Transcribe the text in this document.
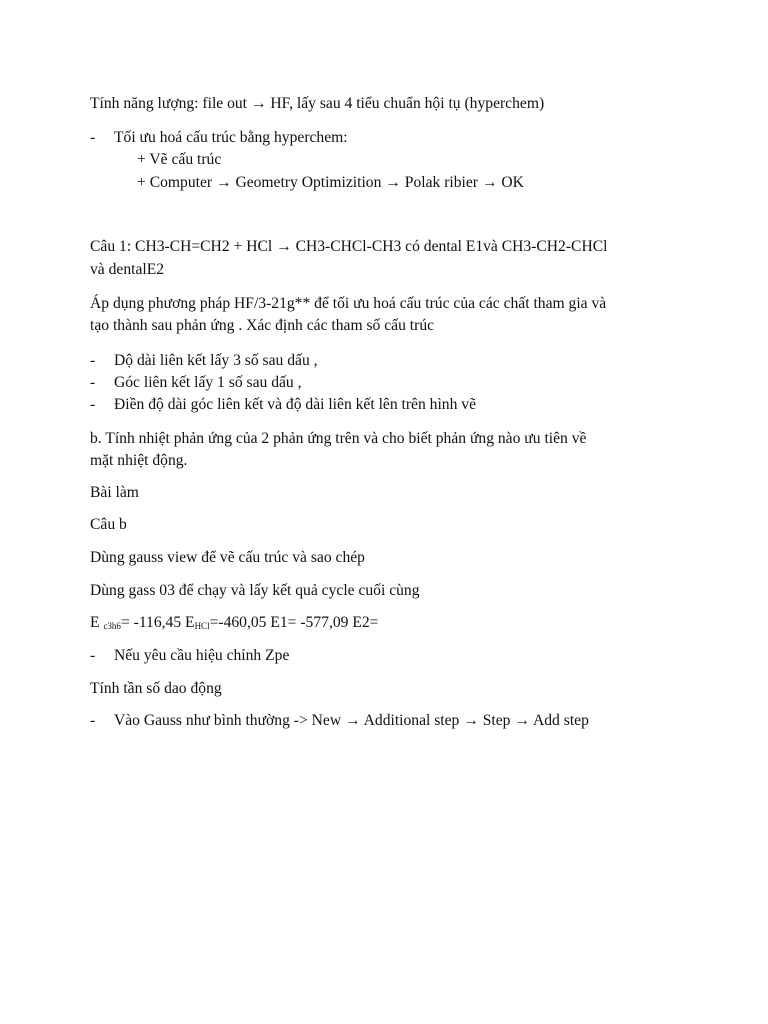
Tính năng lượng: file out → HF, lấy sau 4 tiểu chuẩn hội tụ (hyperchem)
- Tối ưu hoá cấu trúc bằng hyperchem:
+ Vẽ cấu trúc
+ Computer → Geometry Optimizition → Polak ribier → OK
Câu 1: CH3-CH=CH2 + HCl → CH3-CHCl-CH3 có dental E1và CH3-CH2-CHCl
và dentalE2
Áp dụng phương pháp HF/3-21g** để tối ưu hoá cấu trúc của các chất tham gia và
tạo thành sau phản ứng . Xác định các tham số cấu trúc
- Dộ dài liên kết lấy 3 số sau dấu ,
- Góc liên kết lấy 1 số sau dấu ,
- Điền độ dài góc liên kết và độ dài liên kết lên trên hình vẽ
b. Tính nhiệt phản ứng của 2 phản ứng trên và cho biết phản ứng nào ưu tiên về
mặt nhiệt động.
Bài làm
Câu b
Dùng gauss view để vẽ cấu trúc và sao chép
Dùng gass 03 để chạy và lấy kết quả cycle cuối cùng
E $_{c3h6}$= -116,45 $E_{HCl}=-460,05$ E1= -577,09 E2=
- Nếu yêu cầu hiệu chỉnh Zpe
Tính tần số dao động
- Vào Gauss như bình thường -> New → Additional step → Step → Add step
